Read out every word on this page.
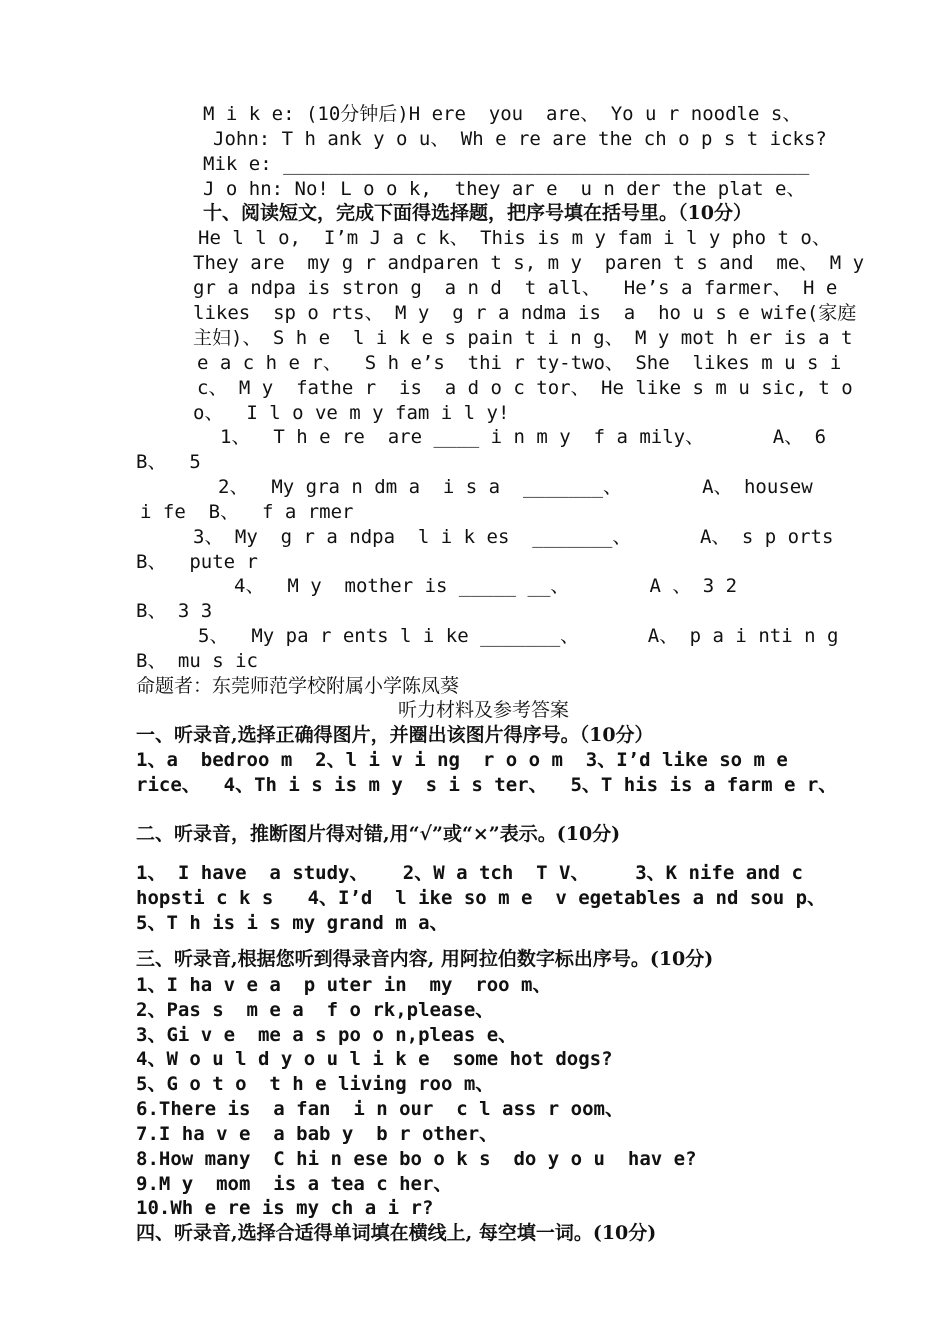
M i k e: (10分钟后)H ere  you  are、 Yo u r noodle s、
John: T h ank y o u、 Wh e re are the ch o p s t icks?
Mik e: ______________________________________________
J o hn: No! L o o k,  they ar e  u n der the plat e、
十、阅读短文，完成下面得选择题，把序号填在括号里。（10分）
He l l o,  I’m J a c k、 This is m y fam i l y pho t o、
They are  my g r andparen t s, m y  paren t s and  me、 M y
gr a ndpa is stron g  a n d  t all、  He’s a farmer、 H e
likes  sp o rts、 M y  g r a ndma is  a  ho u s e wife(家庭
主妇)、 S h e  l i k e s pain t i n g、 M y mot h er is a t
e a c h e r、  S h e’s  thi r ty-two、 She  likes m u s i
c、 M y  fathe r  is  a d o c tor、 He like s m u sic, t o
o、  I l o ve m y fam i l y!
1、  T h e re  are ____ i n m y  f a mily、      A、 6
B、  5
2、  My gra n dm a  i s a  _______、       A、 housew
i fe  B、  f a rmer
3、 My  g r a ndpa  l i k es  _______、      A、 s p orts
B、  pute r
4、  M y  mother is _____ __、       A 、 3 2
B、 3 3
5、  My pa r ents l i ke _______、      A、 p a i nti n g
B、 mu s ic
命题者：东莞师范学校附属小学陈凤葵
听力材料及参考答案
一、听录音,选择正确得图片，并圈出该图片得序号。（10分）
1、a  bedroo m  2、l i v i ng  r o o m  3、I’d like so m e
rice、  4、Th i s is m y  s i s ter、  5、T his is a farm e r、
二、听录音，推断图片得对错,用“√”或“×”表示。(10分)
1、 I have  a study、   2、W a tch  T V、    3、K nife and c
hopsti c k s   4、I’d  l ike so m e  v egetables a nd sou p、
5、T h is i s my grand m a、
三、听录音,根据您听到得录音内容, 用阿拉伯数字标出序号。(10分)
1、I ha v e a  p uter in  my  roo m、
2、Pas s  m e a  f o rk,please、
3、Gi v e  me a s po o n,pleas e、
4、W o u l d y o u l i k e  some hot dogs?
5、G o t o  t h e living roo m、
6.There is  a fan  i n our  c l ass r oom、
7.I ha v e  a bab y  b r other、
8.How many  C hi n ese bo o k s  do y o u  hav e?
9.M y  mom  is a tea c her、
10.Wh e re is my ch a i r?
四、听录音,选择合适得单词填在横线上, 每空填一词。(10分)
